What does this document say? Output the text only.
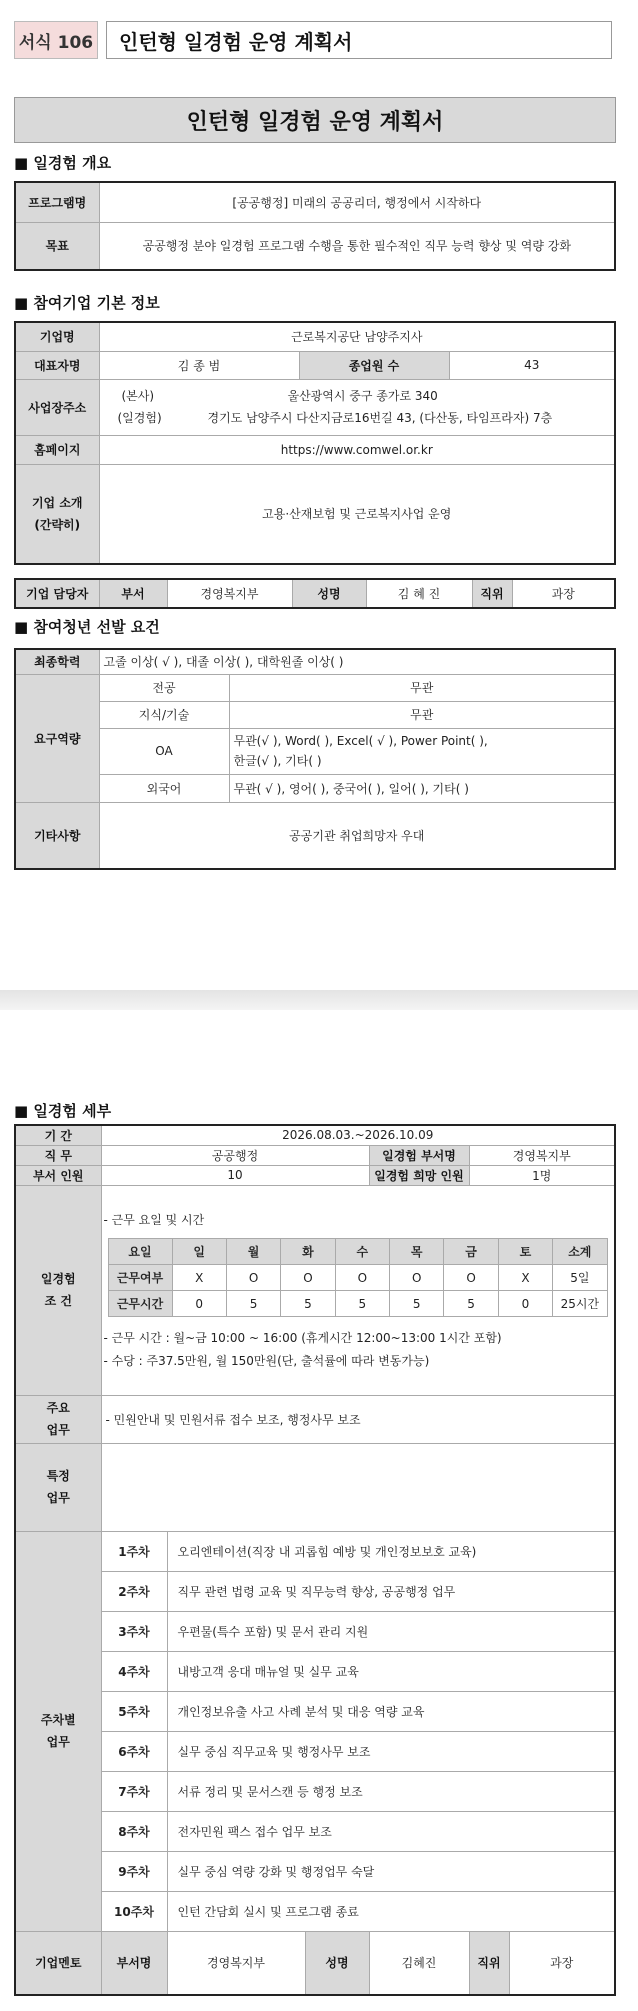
서식 106	인턴형 일경험 운영 계획서
인턴형 일경험 운영 계획서
■ 일경험 개요
프로그램명	[공공행정] 미래의 공공리더, 행정에서 시작하다
목표	공공행정 분야 일경험 프로그램 수행을 통한 필수적인 직무 능력 향상 및 역량 강화
■ 참여기업 기본 정보
기업명	근로복지공단 남양주지사		
대표자명	김 종 범	종업원 수	43
사업장주소	(본사) 울산광역시 중구 종가로 340
(일경험) 경기도 남양주시 다산지금로16번길 43, (다산동, 타임프라자) 7층		

홈페이지	https://www.comwel.or.kr		

기업 소개
(간략히)	고용·산재보험 및 근로복지사업 운영		
기업 담당자	부서	경영복지부	성명	김 혜 진	직위	과장
■ 참여청년 선발 요건
최종학력	고졸 이상( √ ), 대졸 이상( ), 대학원졸 이상( )	
요구역량	전공	무관
	지식/기술	무관
	OA	무관(√ ), Word( ), Excel( √ ), Power Point( ),
한글(√ ), 기타( )

	외국어	무관( √ ), 영어( ), 중국어( ), 일어( ), 기타( )
기타사항	공공기관 취업희망자 우대	
■ 일경험 세부
기 간	2026.08.03.~2026.10.09
직 무	공공행정	일경험 부서명	경영복지부
부서 인원	10	일경험 희망 인원	1명

일경험
조 건

- 근무 요일 및 시간
요일	일	월	화	수	목	금	토	소계
근무여부	X	O	O	O	O	O	X	5일
근무시간	0	5	5	5	5	5	0	25시간
- 근무 시간 : 월~금 10:00 ~ 16:00 (휴게시간 12:00~13:00 1시간 포함)
- 수당 : 주37.5만원, 월 150만원(단, 출석률에 따라 변동가능)

주요
업무
	- 민원안내 및 민원서류 접수 보조, 행정사무 보조

특정
업무

주차별
업무
	1주차	오리엔테이션(직장 내 괴롭힘 예방 및 개인정보보호 교육)
2주차	직무 관련 법령 교육 및 직무능력 향상, 공공행정 업무
3주차	우편물(특수 포함) 및 문서 관리 지원
4주차	내방고객 응대 매뉴얼 및 실무 교육
5주차	개인정보유출 사고 사례 분석 및 대응 역량 교육
6주차	실무 중심 직무교육 및 행정사무 보조
7주차	서류 정리 및 문서스캔 등 행정 보조
8주차	전자민원 팩스 접수 업무 보조
9주차	실무 중심 역량 강화 및 행정업무 숙달
10주차	인턴 간담회 실시 및 프로그램 종료
기업멘토	부서명	경영복지부	성명	김혜진	직위	과장
